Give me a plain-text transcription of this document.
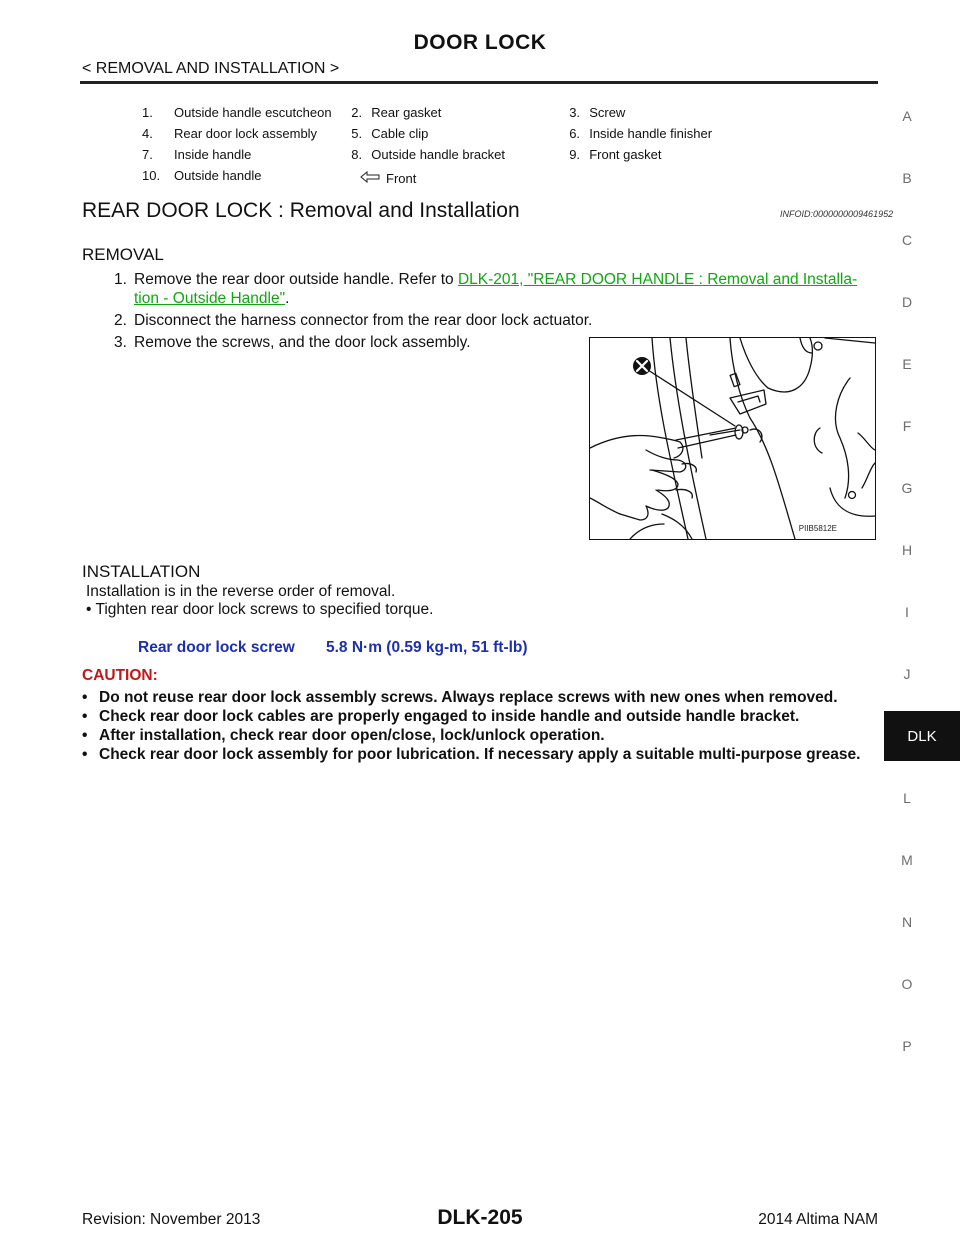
DOOR LOCK
< REMOVAL AND INSTALLATION >
1.	Outside handle escutcheon 2. Rear gasket	3. Screw
4.	Rear door lock assembly	5. Cable clip	6. Inside handle finisher
7.	Inside handle	8. Outside handle bracket	9. Front gasket
10.	Outside handle	Front
REAR DOOR LOCK : Removal and Installation	INFOID:0000000009461952
REMOVAL
1. Remove the rear door outside handle. Refer to DLK-201, "REAR DOOR HANDLE : Removal and Installa-
tion - Outside Handle".
2. Disconnect the harness connector from the rear door lock actuator.
3. Remove the screws, and the door lock assembly.
PIIB5812E
INSTALLATION
Installation is in the reverse order of removal.
• Tighten rear door lock screws to specified torque.
Rear door lock screw 5.8 N·m (0.59 kg-m, 51 ft-lb)
CAUTION:
• Do not reuse rear door lock assembly screws. Always replace screws with new ones when removed.
• Check rear door lock cables are properly engaged to inside handle and outside handle bracket.
• After installation, check rear door open/close, lock/unlock operation.
• Check rear door lock assembly for poor lubrication. If necessary apply a suitable multi-purpose grease.
A
B
C
D
E
F
G
H
I
J
L
M
N
O
P
DLK
Revision: November 2013	DLK-205	2014 Altima NAM
